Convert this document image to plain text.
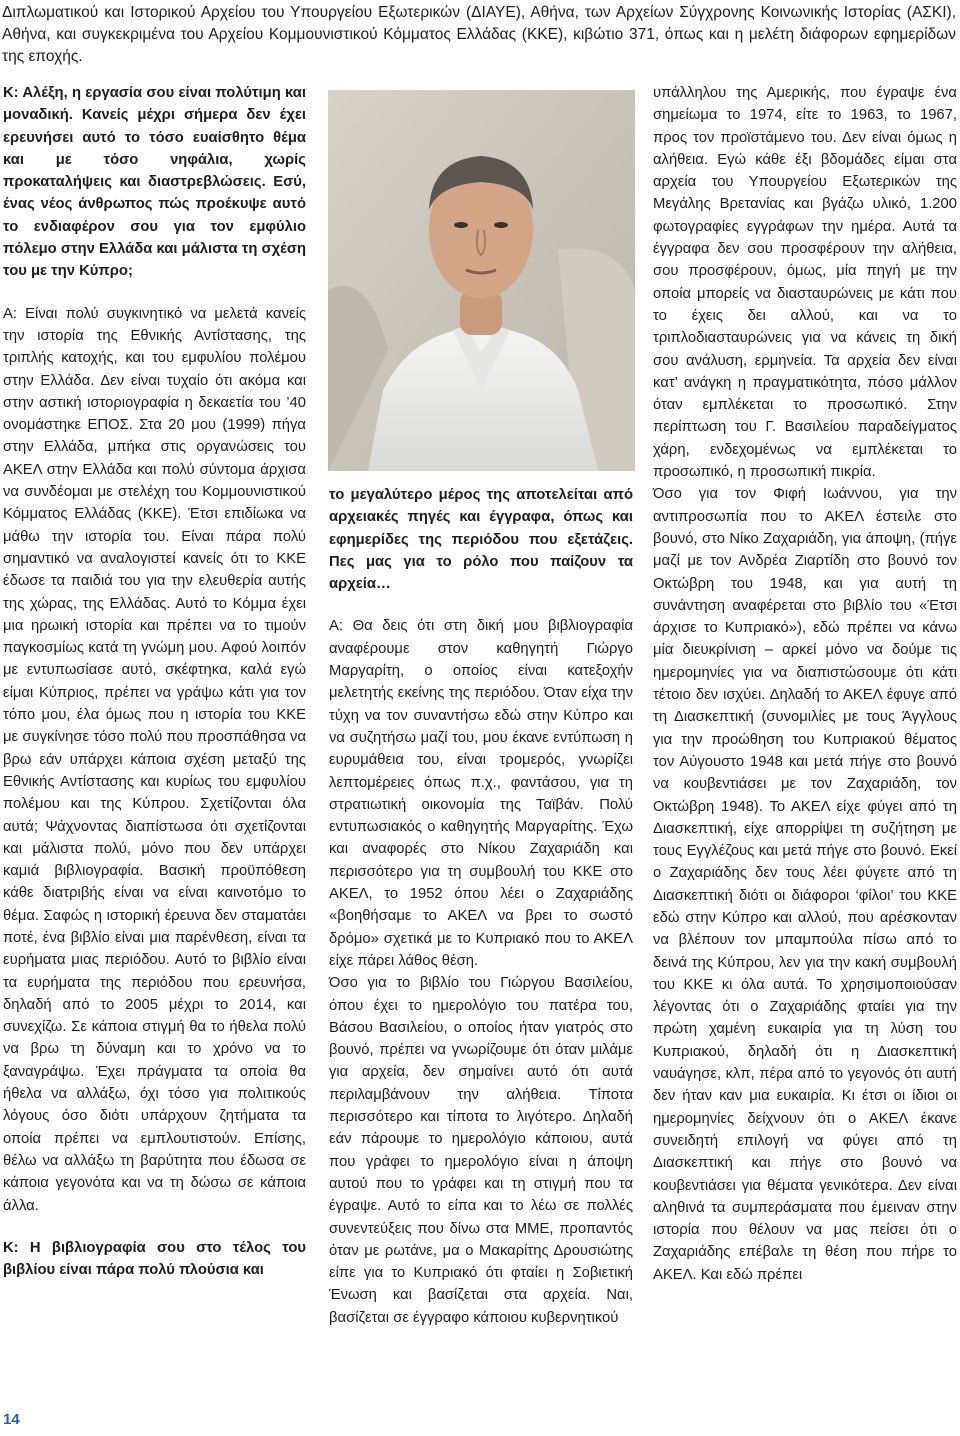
Διπλωματικού και Ιστορικού Αρχείου του Υπουργείου Εξωτερικών (ΔΙΑΥΕ), Αθήνα, των Αρχείων Σύγχρονης Κοινωνικής Ιστορίας (ΑΣΚΙ), Αθήνα, και συγκεκριμένα του Αρχείου Κομμουνιστικού Κόμματος Ελλάδας (ΚΚΕ), κιβώτιο 371, όπως και η μελέτη διάφορων εφημερίδων της εποχής.

Κ: Αλέξη, η εργασία σου είναι πολύτιμη και μοναδική. Κανείς μέχρι σήμερα δεν έχει ερευνήσει αυτό το τόσο ευαίσθητο θέμα και με τόσο νηφάλια, χωρίς προκαταλήψεις και διαστρεβλώσεις. Εσύ, ένας νέος άνθρωπος πώς προέκυψε αυτό το ενδιαφέρον σου για τον εμφύλιο πόλεμο στην Ελλάδα και μάλιστα τη σχέση του με την Κύπρο;

Α: Είναι πολύ συγκινητικό να μελετά κανείς την ιστορία της Εθνικής Αντίστασης, της τριπλής κατοχής, και του εμφυλίου πολέμου στην Ελλάδα. Δεν είναι τυχαίο ότι ακόμα και στην αστική ιστοριογραφία η δεκαετία του ’40 ονομάστηκε ΕΠΟΣ. Στα 20 μου (1999) πήγα στην Ελλάδα, μπήκα στις οργανώσεις του ΑΚΕΛ στην Ελλάδα και πολύ σύντομα άρχισα να συνδέομαι με στελέχη του Κομμουνιστικού Κόμματος Ελλάδας (ΚΚΕ). Έτσι επιδίωκα να μάθω την ιστορία του. Είναι πάρα πολύ σημαντικό να αναλογιστεί κανείς ότι το ΚΚΕ έδωσε τα παιδιά του για την ελευθερία αυτής της χώρας, της Ελλάδας. Αυτό το Κόμμα έχει μια ηρωική ιστορία και πρέπει να το τιμούν παγκοσμίως κατά τη γνώμη μου. Αφού λοιπόν με εντυπωσίασε αυτό, σκέφτηκα, καλά εγώ είμαι Κύπριος, πρέπει να γράψω κάτι για τον τόπο μου, έλα όμως που η ιστορία του ΚΚΕ με συγκίνησε τόσο πολύ που προσπάθησα να βρω εάν υπάρχει κάποια σχέση μεταξύ της Εθνικής Αντίστασης και κυρίως του εμφυλίου πολέμου και της Κύπρου. Σχετίζονται όλα αυτά; Ψάχνοντας διαπίστωσα ότι σχετίζονται και μάλιστα πολύ, μόνο που δεν υπάρχει καμιά βιβλιογραφία. Βασική προϋπόθεση κάθε διατριβής είναι να είναι καινοτόμο το θέμα. Σαφώς η ιστορική έρευνα δεν σταματάει ποτέ, ένα βιβλίο είναι μια παρένθεση, είναι τα ευρήματα μιας περιόδου. Αυτό το βιβλίο είναι τα ευρήματα της περιόδου που ερευνήσα, δηλαδή από το 2005 μέχρι το 2014, και συνεχίζω. Σε κάποια στιγμή θα το ήθελα πολύ να βρω τη δύναμη και το χρόνο να το ξαναγράψω. Έχει πράγματα τα οποία θα ήθελα να αλλάξω, όχι τόσο για πολιτικούς λόγους όσο διότι υπάρχουν ζητήματα τα οποία πρέπει να εμπλουτιστούν. Επίσης, θέλω να αλλάξω τη βαρύτητα που έδωσα σε κάποια γεγονότα και να τη δώσω σε κάποια άλλα.

Κ: Η βιβλιογραφία σου στο τέλος του βιβλίου είναι πάρα πολύ πλούσια και

το μεγαλύτερο μέρος της αποτελείται από αρχειακές πηγές και έγγραφα, όπως και εφημερίδες της περιόδου που εξετάζεις. Πες μας για το ρόλο που παίζουν τα αρχεία…

Α: Θα δεις ότι στη δική μου βιβλιογραφία αναφέρουμε στον καθηγητή Γιώργο Μαργαρίτη, ο οποίος είναι κατεξοχήν μελετητής εκείνης της περιόδου. Όταν είχα την τύχη να τον συναντήσω εδώ στην Κύπρο και να συζητήσω μαζί του, μου έκανε εντύπωση η ευρυμάθεια του, είναι τρομερός, γνωρίζει λεπτομέρειες όπως π.χ., φαντάσου, για τη στρατιωτική οικονομία της Ταϊβάν. Πολύ εντυπωσιακός ο καθηγητής Μαργαρίτης. Έχω και αναφορές στο Νίκου Ζαχαριάδη και περισσότερο για τη συμβουλή του ΚΚΕ στο ΑΚΕΛ, το 1952 όπου λέει ο Ζαχαριάδης «βοηθήσαμε το ΑΚΕΛ να βρει το σωστό δρόμο» σχετικά με το Κυπριακό που το ΑΚΕΛ είχε πάρει λάθος θέση.

Όσο για το βιβλίο του Γιώργου Βασιλείου, όπου έχει το ημερολόγιο του πατέρα του, Βάσου Βασιλείου, ο οποίος ήταν γιατρός στο βουνό, πρέπει να γνωρίζουμε ότι όταν μιλάμε για αρχεία, δεν σημαίνει αυτό ότι αυτά περιλαμβάνουν την αλήθεια. Τίποτα περισσότερο και τίποτα το λιγότερο. Δηλαδή εάν πάρουμε το ημερολόγιο κάποιου, αυτά που γράφει το ημερολόγιο είναι η άποψη αυτού που το γράφει και τη στιγμή που τα έγραψε. Αυτό το είπα και το λέω σε πολλές συνεντεύξεις που δίνω στα ΜΜΕ, προπαντός όταν με ρωτάνε, μα ο Μακαρίτης Δρουσιώτης είπε για το Κυπριακό ότι φταίει η Σοβιετική Ένωση και βασίζεται στα αρχεία. Ναι, βασίζεται σε έγγραφο κάποιου κυβερνητικού

υπάλληλου της Αμερικής, που έγραψε ένα σημείωμα το 1974, είτε το 1963, το 1967, προς τον προϊστάμενο του. Δεν είναι όμως η αλήθεια. Εγώ κάθε έξι βδομάδες είμαι στα αρχεία του Υπουργείου Εξωτερικών της Μεγάλης Βρετανίας και βγάζω υλικό, 1.200 φωτογραφίες εγγράφων την ημέρα. Αυτά τα έγγραφα δεν σου προσφέρουν την αλήθεια, σου προσφέρουν, όμως, μία πηγή με την οποία μπορείς να διασταυρώνεις με κάτι που το έχεις δει αλλού, και να το τριπλοδιασταυρώνεις για να κάνεις τη δική σου ανάλυση, ερμηνεία. Τα αρχεία δεν είναι κατ’ ανάγκη η πραγματικότητα, πόσο μάλλον όταν εμπλέκεται το προσωπικό. Στην περίπτωση του Γ. Βασιλείου παραδείγματος χάρη, ενδεχομένως να εμπλέκεται το προσωπικό, η προσωπική πικρία.

Όσο για τον Φιφή Ιωάννου, για την αντιπροσωπία που το ΑΚΕΛ έστειλε στο βουνό, στο Νίκο Ζαχαριάδη, για άποψη, (πήγε μαζί με τον Ανδρέα Ζιαρτίδη στο βουνό τον Οκτώβρη του 1948, και για αυτή τη συνάντηση αναφέρεται στο βιβλίο του «Έτσι άρχισε το Κυπριακό»), εδώ πρέπει να κάνω μία διευκρίνιση – αρκεί μόνο να δούμε τις ημερομηνίες για να διαπιστώσουμε ότι κάτι τέτοιο δεν ισχύει. Δηλαδή το ΑΚΕΛ έφυγε από τη Διασκεπτική (συνομιλίες με τους Άγγλους για την προώθηση του Κυπριακού θέματος τον Αύγουστο 1948 και μετά πήγε στο βουνό να κουβεντιάσει με τον Ζαχαριάδη, τον Οκτώβρη 1948). Το ΑΚΕΛ είχε φύγει από τη Διασκεπτική, είχε απορρίψει τη συζήτηση με τους Εγγλέζους και μετά πήγε στο βουνό. Εκεί ο Ζαχαριάδης δεν τους λέει φύγετε από τη Διασκεπτική διότι οι διάφοροι ‘φίλοι’ του ΚΚΕ εδώ στην Κύπρο και αλλού, που αρέσκονταν να βλέπουν τον μπαμπούλα πίσω από το δεινά της Κύπρου, λεν για την κακή συμβουλή του ΚΚΕ κι όλα αυτά. Το χρησιμοποιούσαν λέγοντας ότι ο Ζαχαριάδης φταίει για την πρώτη χαμένη ευκαιρία για τη λύση του Κυπριακού, δηλαδή ότι η Διασκεπτική ναυάγησε, κλπ, πέρα από το γεγονός ότι αυτή δεν ήταν καν μια ευκαιρία. Κι έτσι οι ίδιοι οι ημερομηνίες δείχνουν ότι ο ΑΚΕΛ έκανε συνειδητή επιλογή να φύγει από τη Διασκεπτική και πήγε στο βουνό να κουβεντιάσει για θέματα γενικότερα. Δεν είναι αληθινά τα συμπεράσματα που έμειναν στην ιστορία που θέλουν να μας πείσει ότι ο Ζαχαριάδης επέβαλε τη θέση που πήρε το ΑΚΕΛ. Και εδώ πρέπει

14
